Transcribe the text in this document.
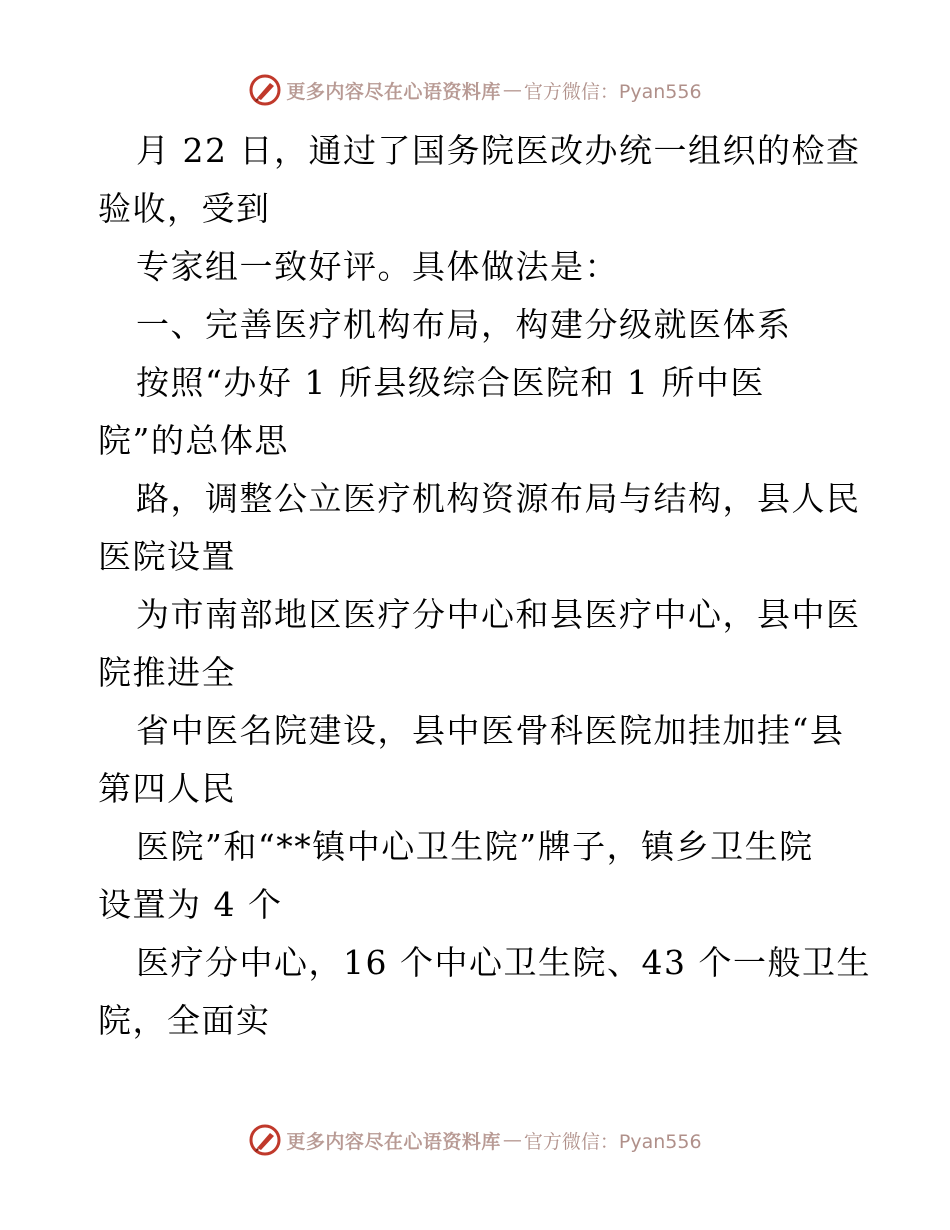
更多内容尽在心语资料库 — 官方微信：Pyan556
月 22 日，通过了国务院医改办统一组织的检查
验收，受到
专家组一致好评。具体做法是：
一、完善医疗机构布局，构建分级就医体系
按照“办好 1 所县级综合医院和 1 所中医
院”的总体思
路，调整公立医疗机构资源布局与结构，县人民
医院设置
为市南部地区医疗分中心和县医疗中心，县中医
院推进全
省中医名院建设，县中医骨科医院加挂加挂“县
第四人民
医院”和“**镇中心卫生院”牌子，镇乡卫生院
设置为 4 个
医疗分中心，16 个中心卫生院、43 个一般卫生
院，全面实
更多内容尽在心语资料库 — 官方微信：Pyan556
